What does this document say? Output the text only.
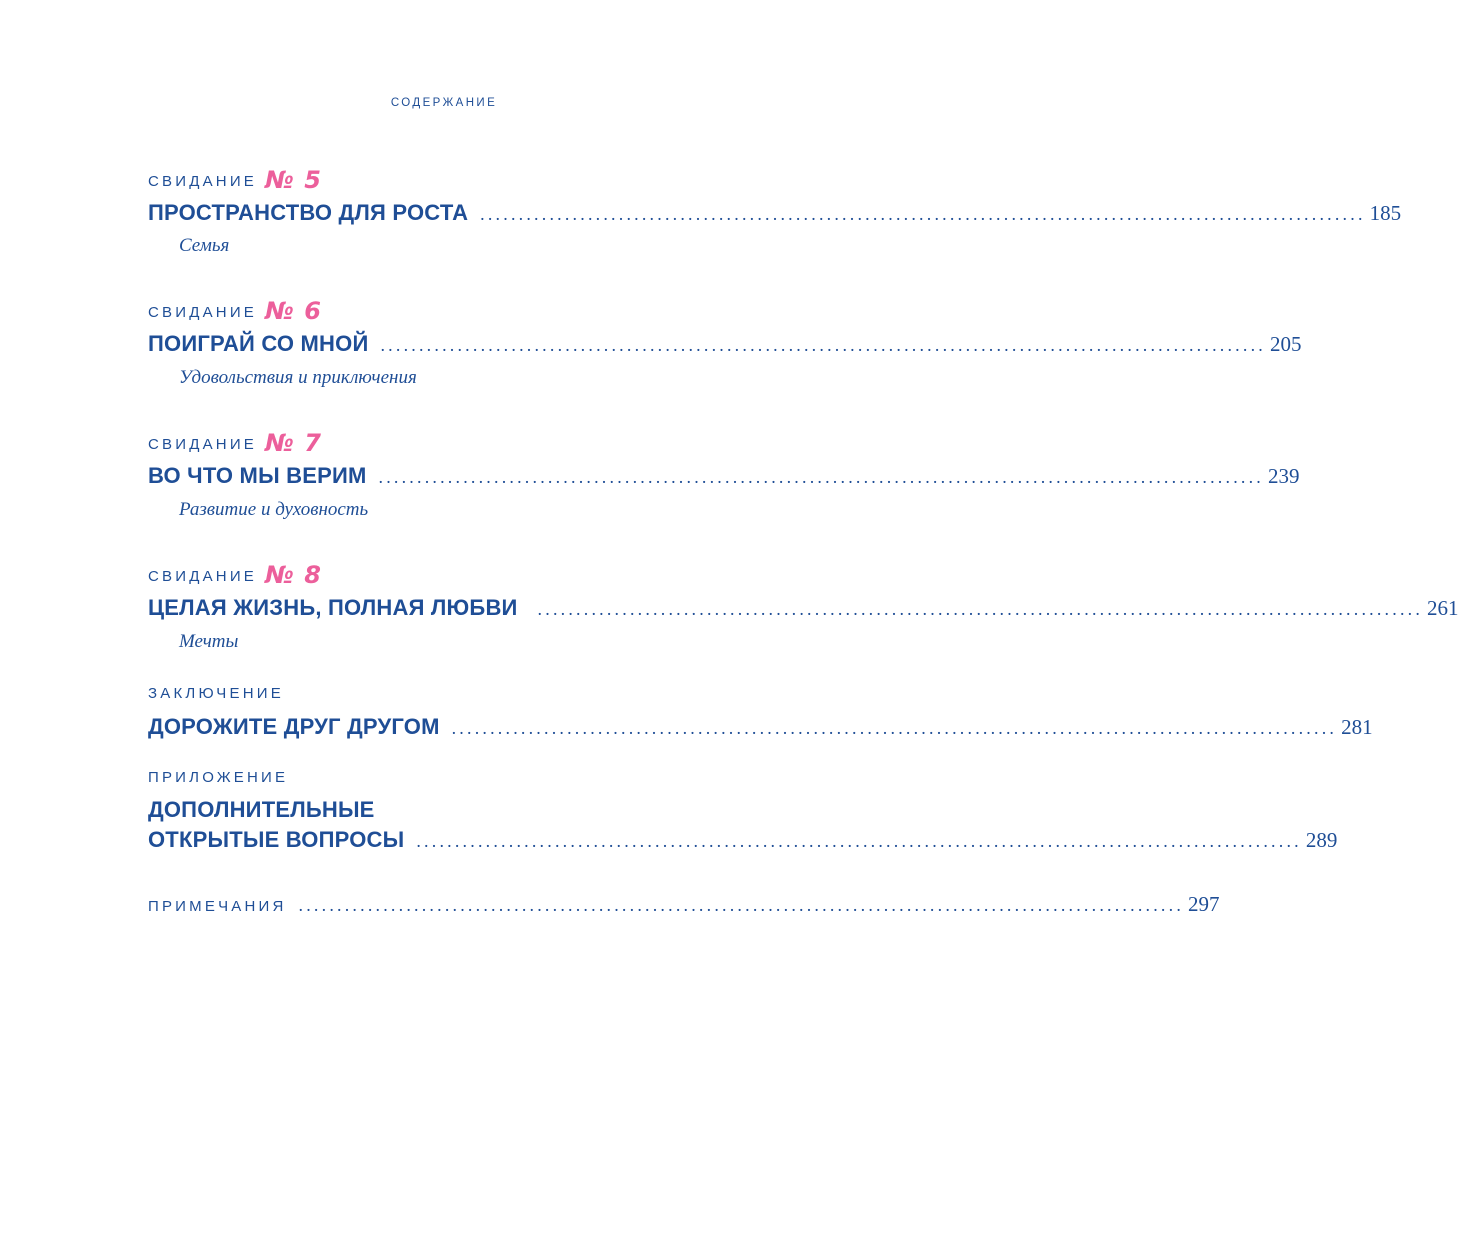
СОДЕРЖАНИЕ
СВИДАНИЕ № 5
ПРОСТРАНСТВО ДЛЯ РОСТА ................................................................................................................... 185
Семья
СВИДАНИЕ № 6
ПОИГРАЙ СО МНОЙ ................................................................................................................... 205
Удовольствия и приключения
СВИДАНИЕ № 7
ВО ЧТО МЫ ВЕРИМ ................................................................................................................... 239
Развитие и духовность
СВИДАНИЕ № 8
ЦЕЛАЯ ЖИЗНЬ, ПОЛНАЯ ЛЮБВИ ................................................................................................................... 261
Мечты
ЗАКЛЮЧЕНИЕ
ДОРОЖИТЕ ДРУГ ДРУГОМ ................................................................................................................... 281
ПРИЛОЖЕНИЕ
ДОПОЛНИТЕЛЬНЫЕ
ОТКРЫТЫЕ ВОПРОСЫ ................................................................................................................... 289
ПРИМЕЧАНИЯ ................................................................................................................... 297
